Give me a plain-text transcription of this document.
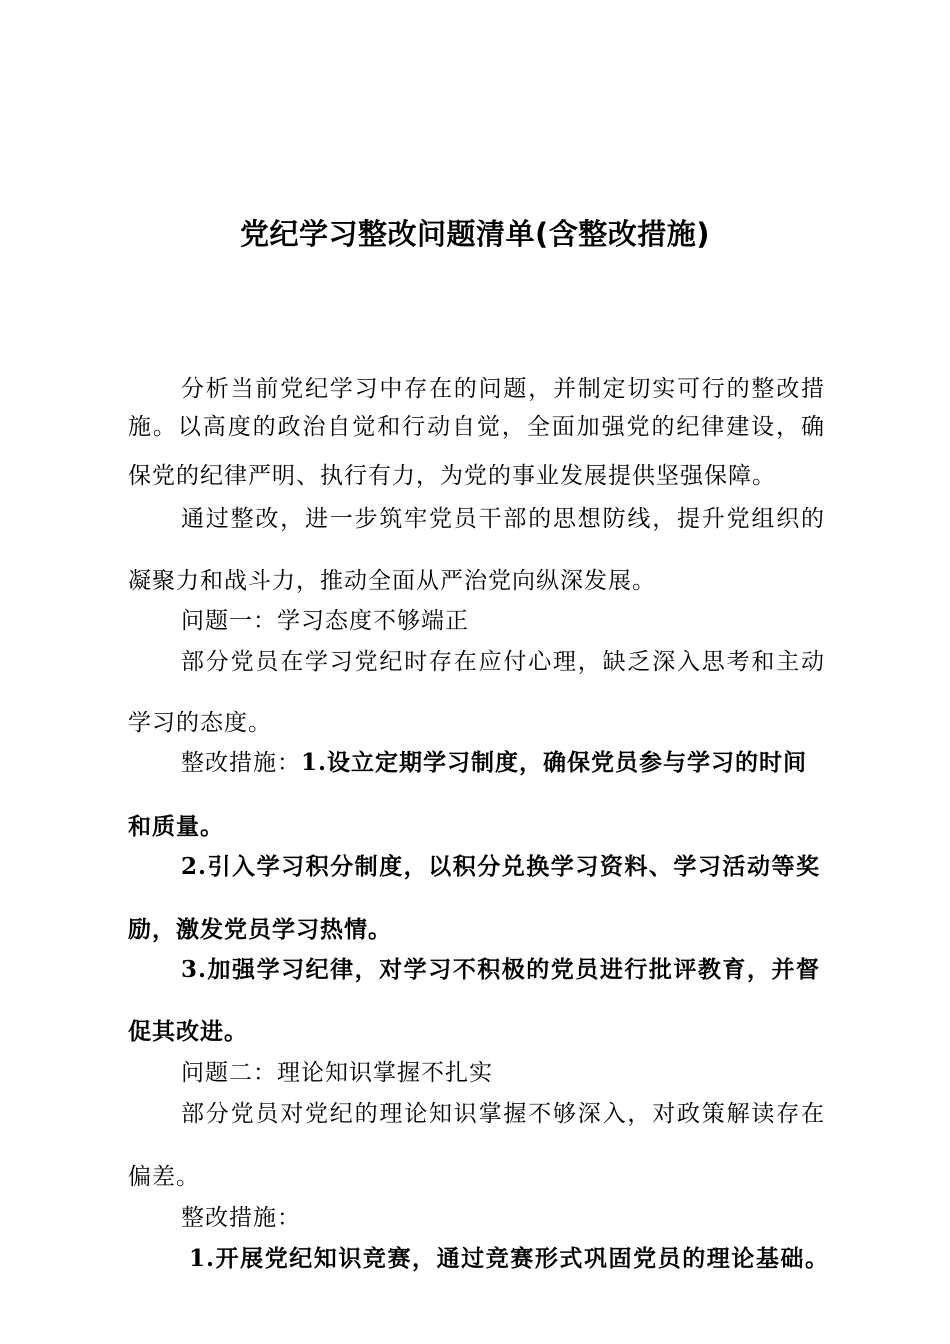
党纪学习整改问题清单(含整改措施)
分析当前党纪学习中存在的问题，并制定切实可行的整改措
施。以高度的政治自觉和行动自觉，全面加强党的纪律建设，确
保党的纪律严明、执行有力，为党的事业发展提供坚强保障。
通过整改，进一步筑牢党员干部的思想防线，提升党组织的
凝聚力和战斗力，推动全面从严治党向纵深发展。
问题一：学习态度不够端正
部分党员在学习党纪时存在应付心理，缺乏深入思考和主动
学习的态度。
整改措施：1.设立定期学习制度，确保党员参与学习的时间
和质量。
2.引入学习积分制度，以积分兑换学习资料、学习活动等奖
励，激发党员学习热情。
3.加强学习纪律，对学习不积极的党员进行批评教育，并督
促其改进。
问题二：理论知识掌握不扎实
部分党员对党纪的理论知识掌握不够深入，对政策解读存在
偏差。
整改措施：
1.开展党纪知识竞赛，通过竞赛形式巩固党员的理论基础。
